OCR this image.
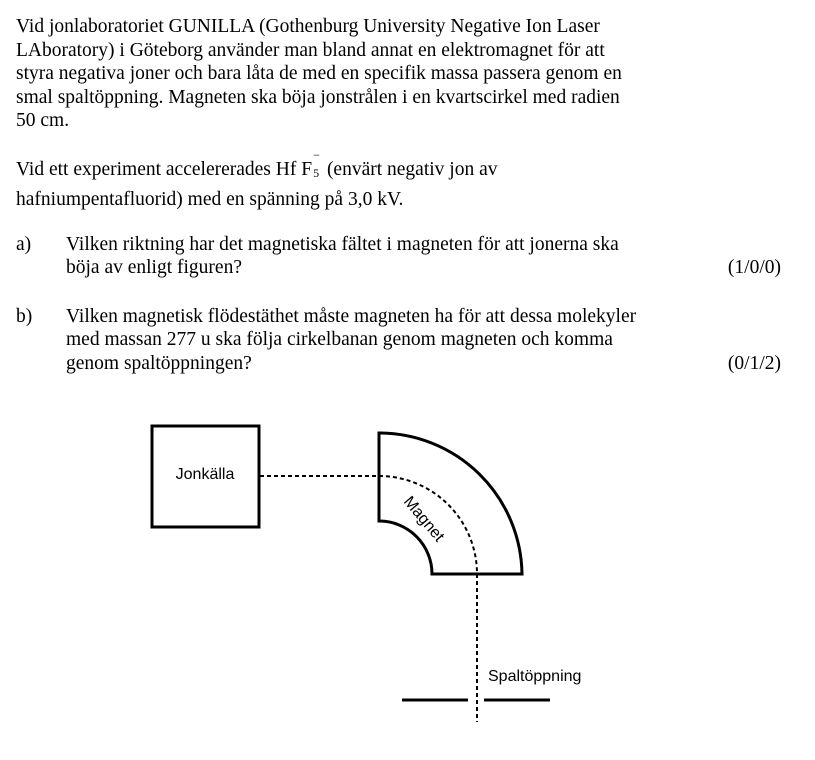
Vid jonlaboratoriet GUNILLA (Gothenburg University Negative Ion Laser
LAboratory) i Göteborg använder man bland annat en elektromagnet för att
styra negativa joner och bara låta de med en specifik massa passera genom en
smal spaltöppning. Magneten ska böja jonstrålen i en kvartscirkel med radien
50 cm.
Vid ett experiment accelererades Hf F
−
5 (envärt negativ jon av
hafniumpentafluorid) med en spänning på 3,0 kV.
a)	Vilken riktning har det magnetiska fältet i magneten för att jonerna ska
böja av enligt figuren?	(1/0/0)
b)	Vilken magnetisk flödestäthet måste magneten ha för att dessa molekyler
med massan 277 u ska följa cirkelbanan genom magneten och komma
genom spaltöppningen?	(0/1/2)
Jonkälla
Magnet
Spaltöppning
